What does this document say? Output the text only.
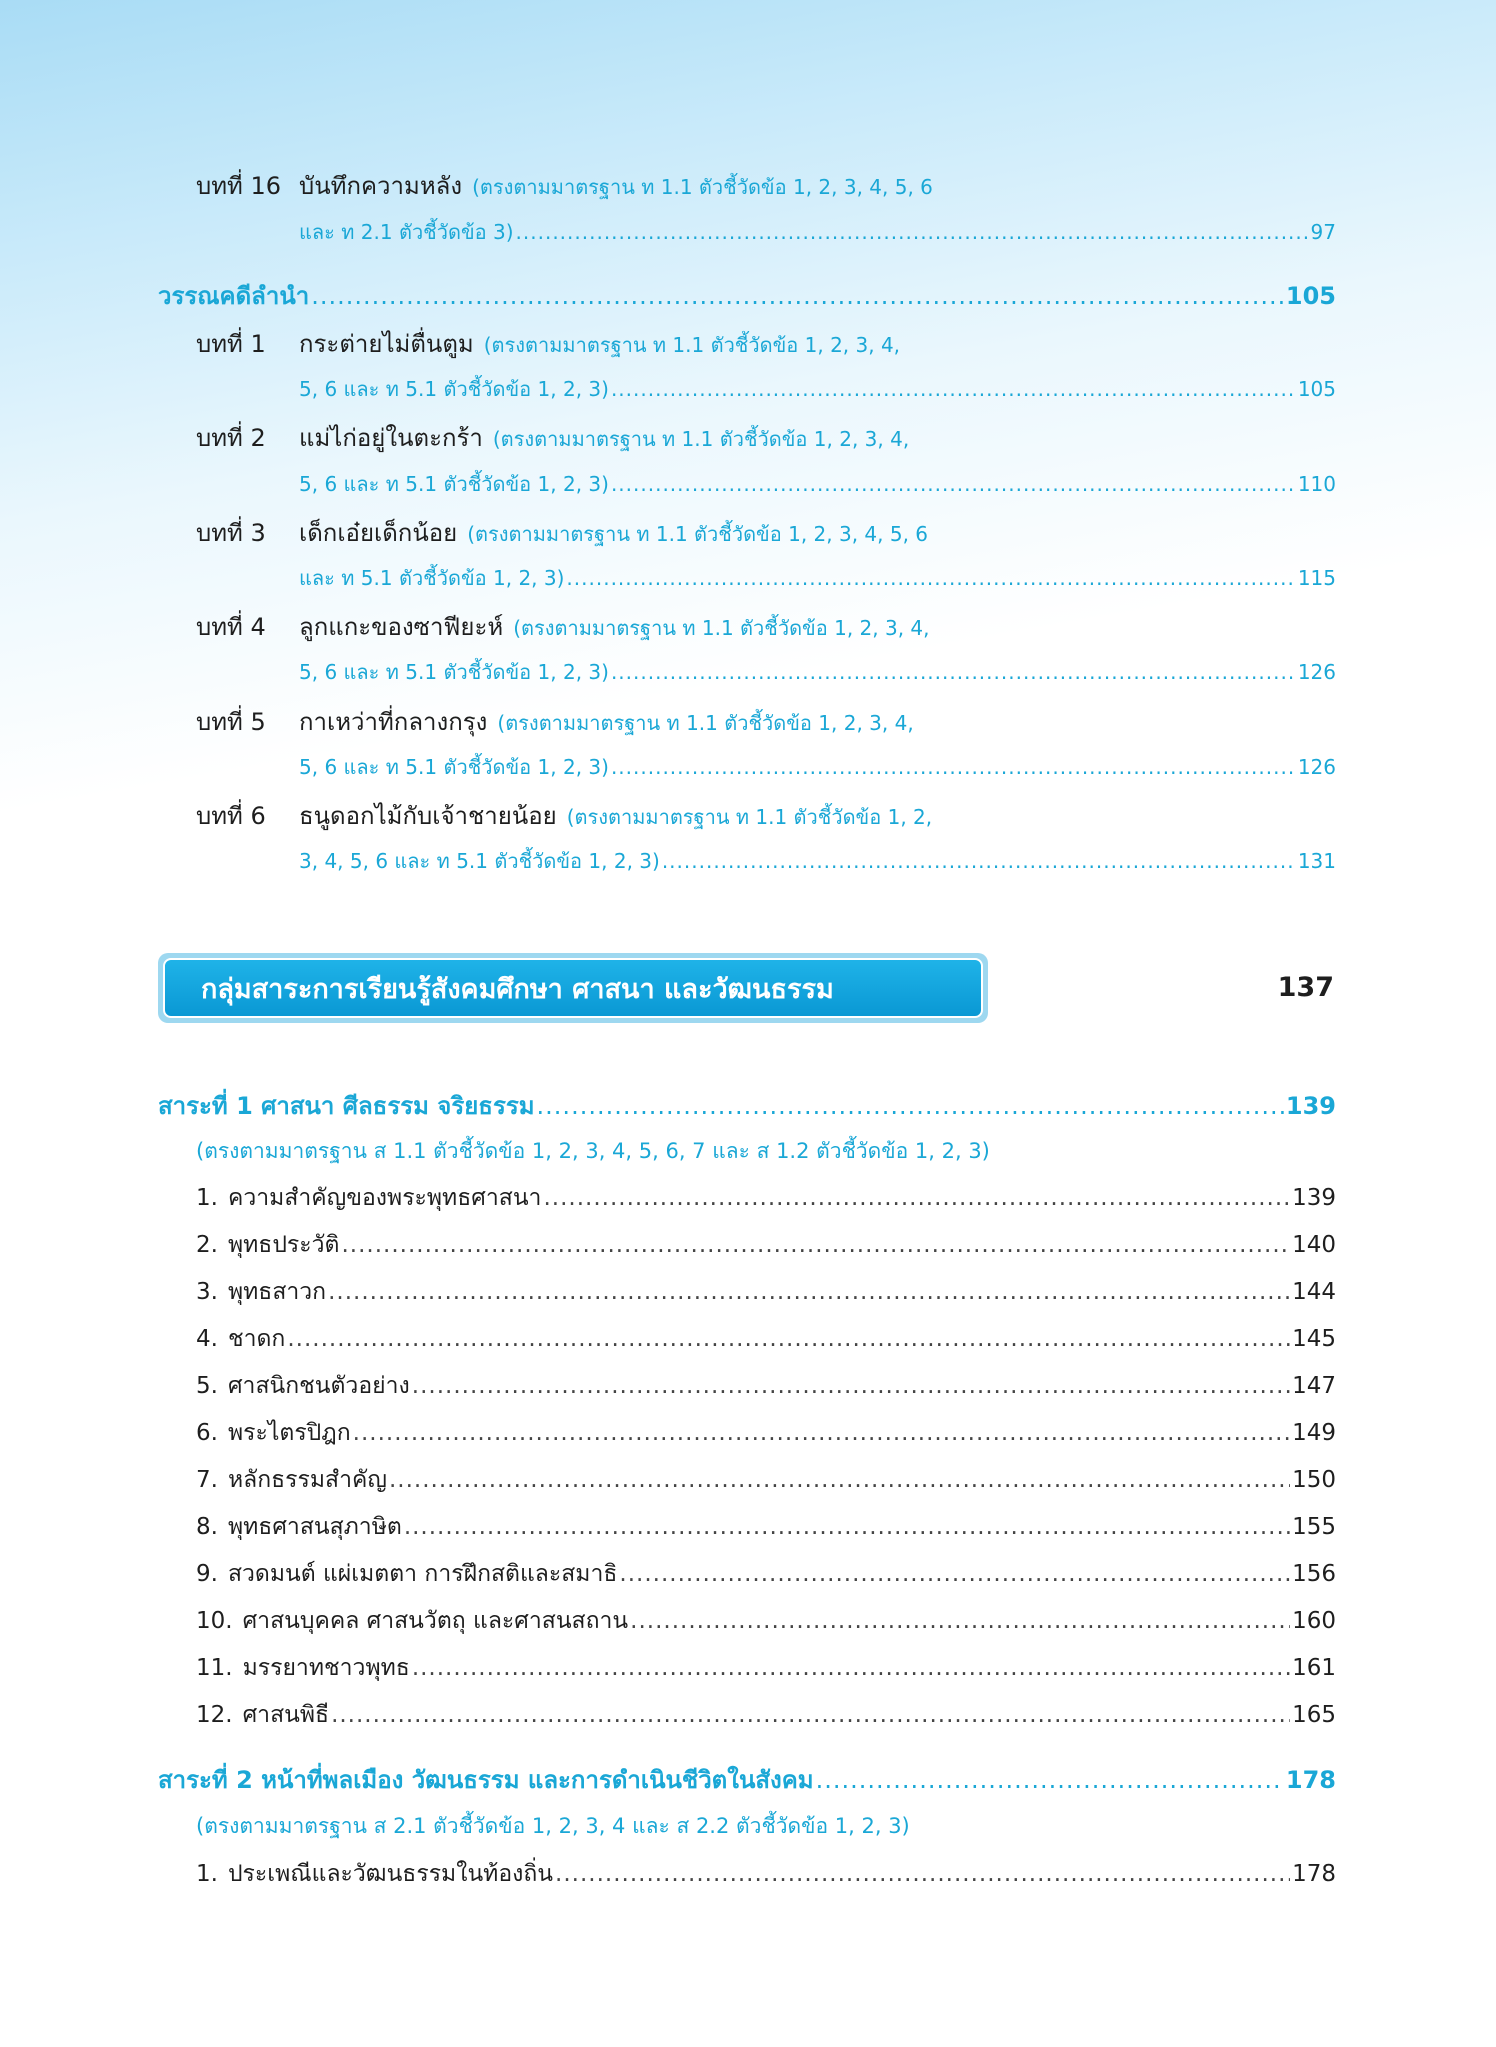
บทที่ 16 บันทึกความหลัง (ตรงตามมาตรฐาน ท 1.1 ตัวชี้วัดข้อ 1, 2, 3, 4, 5, 6
และ ท 2.1 ตัวชี้วัดข้อ 3) .....	97
วรรณคดีลำนำ .....	105
บทที่ 1	กระต่ายไม่ตื่นตูม (ตรงตามมาตรฐาน ท 1.1 ตัวชี้วัดข้อ 1, 2, 3, 4,
5, 6 และ ท 5.1 ตัวชี้วัดข้อ 1, 2, 3) .....	105
บทที่ 2	แม่ไก่อยู่ในตะกร้า (ตรงตามมาตรฐาน ท 1.1 ตัวชี้วัดข้อ 1, 2, 3, 4,
5, 6 และ ท 5.1 ตัวชี้วัดข้อ 1, 2, 3) .....	110
บทที่ 3	เด็กเอ๋ยเด็กน้อย (ตรงตามมาตรฐาน ท 1.1 ตัวชี้วัดข้อ 1, 2, 3, 4, 5, 6
และ ท 5.1 ตัวชี้วัดข้อ 1, 2, 3) .....	115
บทที่ 4	ลูกแกะของซาฟียะห์ (ตรงตามมาตรฐาน ท 1.1 ตัวชี้วัดข้อ 1, 2, 3, 4,
5, 6 และ ท 5.1 ตัวชี้วัดข้อ 1, 2, 3) .....	126
บทที่ 5	กาเหว่าที่กลางกรุง (ตรงตามมาตรฐาน ท 1.1 ตัวชี้วัดข้อ 1, 2, 3, 4,
5, 6 และ ท 5.1 ตัวชี้วัดข้อ 1, 2, 3) .....	126
บทที่ 6	ธนูดอกไม้กับเจ้าชายน้อย (ตรงตามมาตรฐาน ท 1.1 ตัวชี้วัดข้อ 1, 2,
3, 4, 5, 6 และ ท 5.1 ตัวชี้วัดข้อ 1, 2, 3) .....	131
กลุ่มสาระการเรียนรู้สังคมศึกษา ศาสนา และวัฒนธรรม	137
สาระที่ 1 ศาสนา ศีลธรรม จริยธรรม .....	139
(ตรงตามมาตรฐาน ส 1.1 ตัวชี้วัดข้อ 1, 2, 3, 4, 5, 6, 7 และ ส 1.2 ตัวชี้วัดข้อ 1, 2, 3)
1. ความสำคัญของพระพุทธศาสนา .....	139
2. พุทธประวัติ .....	140
3. พุทธสาวก .....	144
4. ชาดก .....	145
5. ศาสนิกชนตัวอย่าง .....	147
6. พระไตรปิฎก .....	149
7. หลักธรรมสำคัญ .....	150
8. พุทธศาสนสุภาษิต .....	155
9. สวดมนต์ แผ่เมตตา การฝึกสติและสมาธิ .....	156
10. ศาสนบุคคล ศาสนวัตถุ และศาสนสถาน .....	160
11. มรรยาทชาวพุทธ .....	161
12. ศาสนพิธี .....	165
สาระที่ 2 หน้าที่พลเมือง วัฒนธรรม และการดำเนินชีวิตในสังคม .....	178
(ตรงตามมาตรฐาน ส 2.1 ตัวชี้วัดข้อ 1, 2, 3, 4 และ ส 2.2 ตัวชี้วัดข้อ 1, 2, 3)
1. ประเพณีและวัฒนธรรมในท้องถิ่น .....	178
